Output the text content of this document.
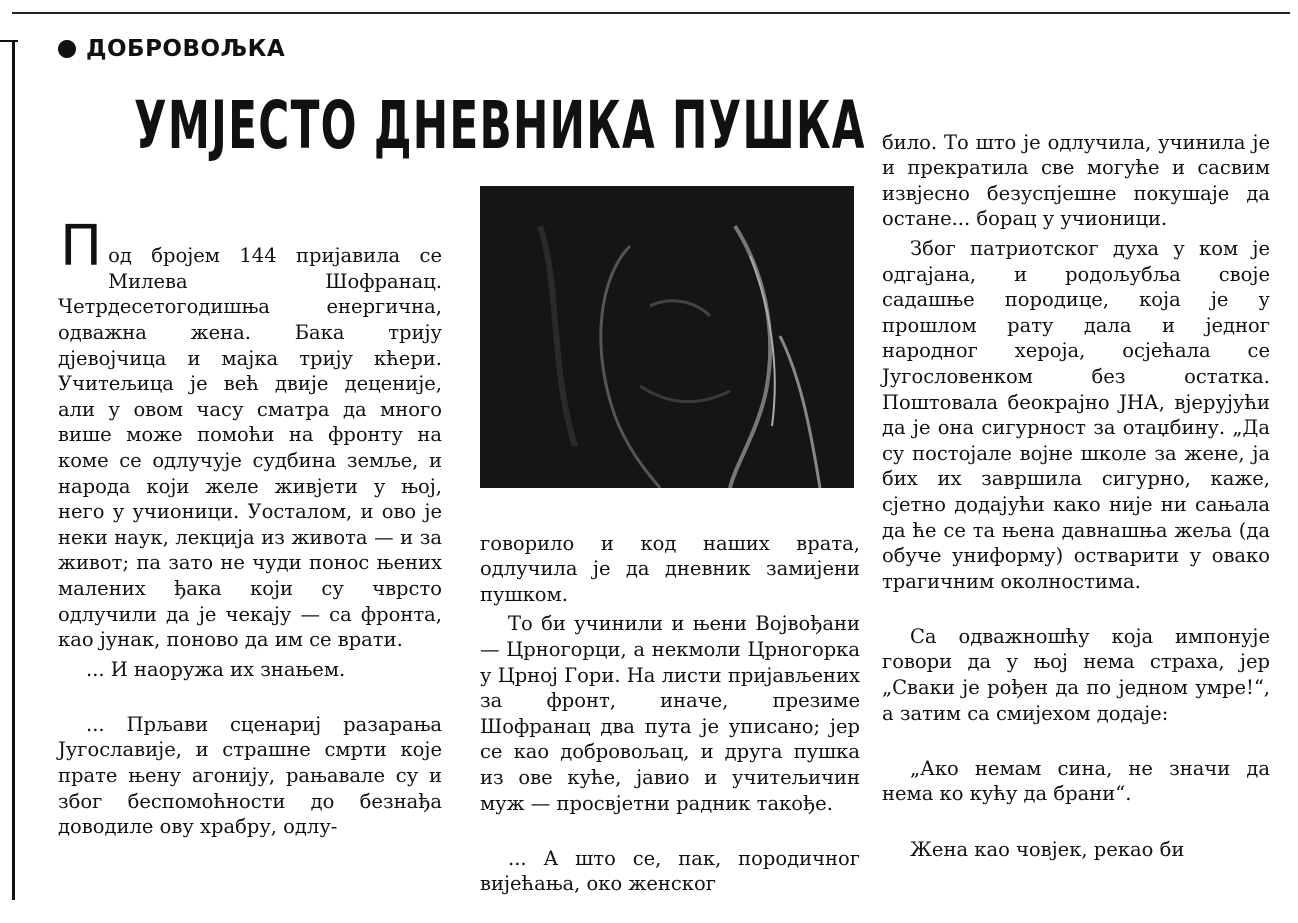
ДОБРОВОЉКА
УМЈЕСТО ДНЕВНИКА ПУШКА

П од бројем 144 пријавила се Милева Шофранац. Четрдесетогодишња енергична, одважна жена. Бака трију дјевојчица и мајка трију кћери. Учитељица је већ двије деценије, али у овом часу сматра да много више може помоћи на фронту на коме се одлучује судбина земље, и народа који желе живјети у њој, него у учионици. Уосталом, и ово је неки наук, лекција из живота — и за живот; па зато не чуди понос њених малених ђака који су чврсто одлучили да је чекају — са фронта, као јунак, поново да им се врати.

... И наоружа их знањем.

... Прљави сценариј разарања Југославије, и страшне смрти које прате њену агонију, рањавале су и због беспомоћности до безнађа доводиле ову храбру, одлу-

говорило и код наших врата, одлучила је да дневник замијени пушком.

То би учинили и њени Војвођани — Црногорци, а некмоли Црногорка у Црној Гори. На листи пријављених за фронт, иначе, презиме Шофранац два пута је уписано; јер се као добровољац, и друга пушка из ове куће, јавио и учитељичин муж — просвјетни радник такође.

... А што се, пак, породичног вијећања, око женског

било. То што је одлучила, учинила је и прекратила све могуће и сасвим извјесно безуспјешне покушаје да остане... борац у учионици.

Због патриотског духа у ком је одгајана, и родољубља своје садашње породице, која је у прошлом рату дала и једног народног хероја, осјећала се Југословенком без остатка. Поштовала беокрајно ЈНА, вјерујући да је она сигурност за отаџбину. „Да су постојале војне школе за жене, ја бих их завршила сигурно, каже, сјетно додајући како није ни сањала да ће се та њена давнашња жеља (да обуче униформу) остварити у овако трагичним околностима.

Са одважношћу која импонује говори да у њој нема страха, јер „Сваки је рођен да по једном умре!“, а затим са смијехом додаје:

„Ако немам сина, не значи да нема ко кућу да брани“.

Жена као човјек, рекао би
